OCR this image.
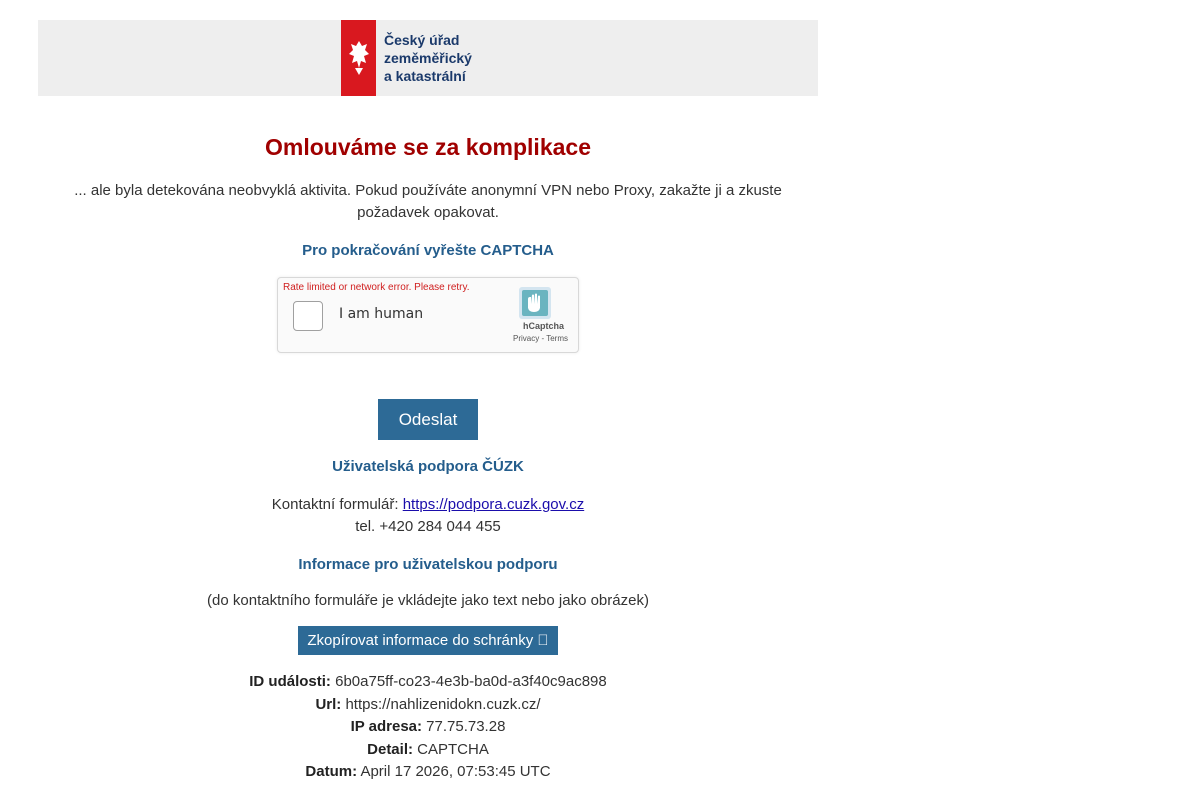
Český úřad
zeměměřický
a katastrální
Omlouváme se za komplikace

... ale byla detekována neobvyklá aktivita. Pokud používáte anonymní VPN nebo Proxy, zakažte ji a zkuste požadavek opakovat.

Pro pokračování vyřešte CAPTCHA
Rate limited or network error. Please retry.
I am human
hCaptcha
Privacy - Terms
Odeslat
Uživatelská podpora ČÚZK
Kontaktní formulář: https://podpora.cuzk.gov.cz
tel. +420 284 044 455
Informace pro uživatelskou podporu

(do kontaktního formuláře je vkládejte jako text nebo jako obrázek)

Zkopírovat informace do schránky
ID události: 6b0a75ff-co23-4e3b-ba0d-a3f40c9ac898
Url: https://nahlizenidokn.cuzk.cz/
IP adresa: 77.75.73.28
Detail: CAPTCHA
Datum: April 17 2026, 07:53:45 UTC
